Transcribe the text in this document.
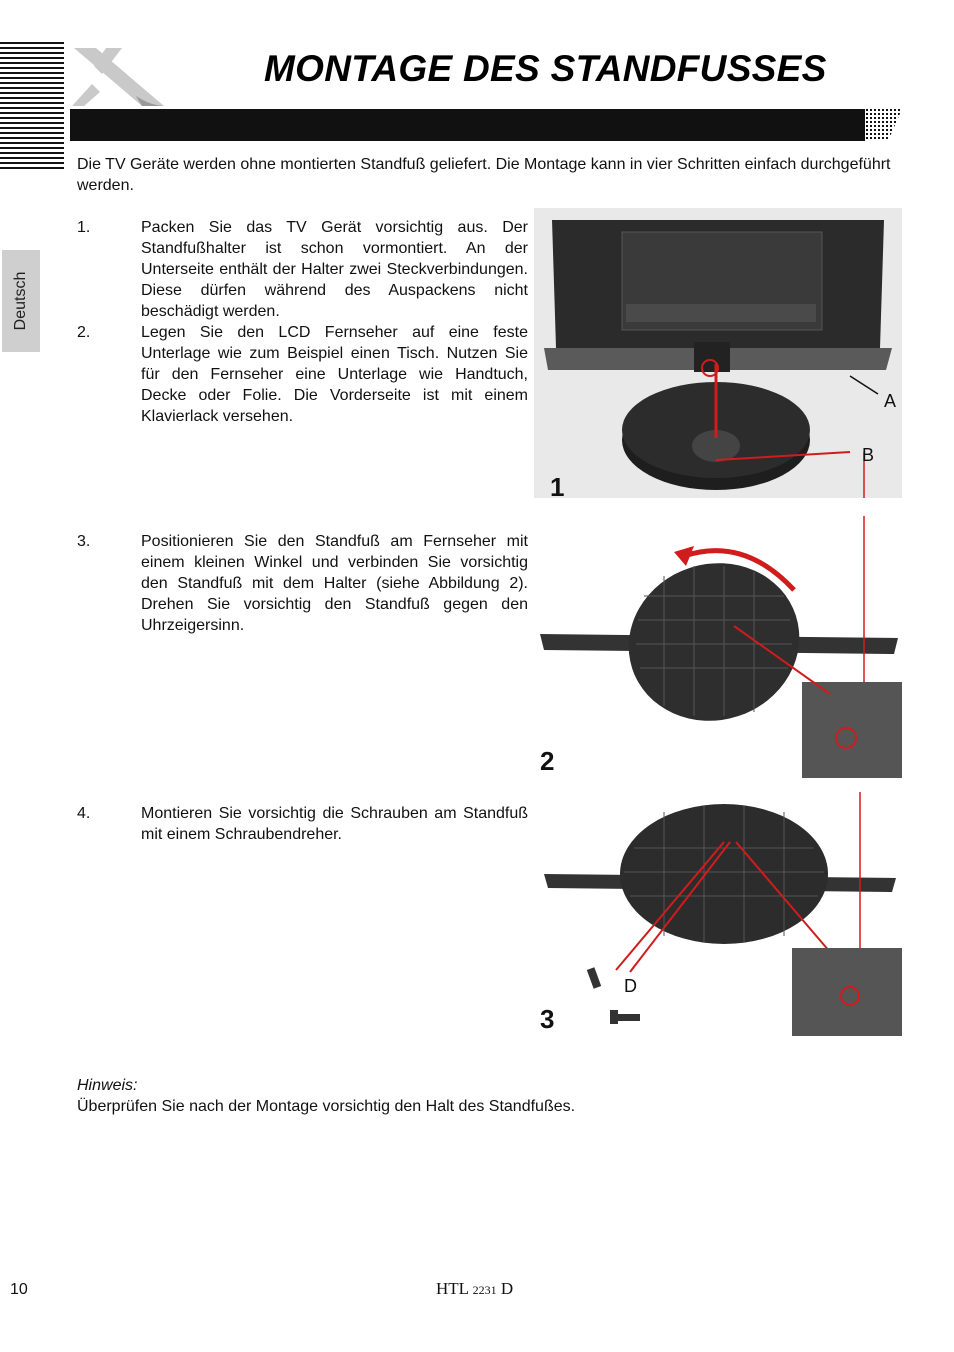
MONTAGE DES STANDFUSSES
Deutsch
Die TV Geräte werden ohne montierten Standfuß geliefert. Die Montage kann in vier Schritten einfach durchgeführt werden.
1.	Packen Sie das TV Gerät vorsichtig aus. Der Standfußhalter ist schon vormontiert. An der Unterseite enthält der Halter zwei Steckverbindungen. Diese dürfen während des Auspackens nicht beschädigt werden.
2.	Legen Sie den LCD Fernseher auf eine feste Unterlage wie zum Beispiel einen Tisch. Nutzen Sie für den Fernseher eine Unterlage wie Handtuch, Decke oder Folie. Die Vorderseite ist mit einem Klavierlack versehen.
3.	Positionieren Sie den Standfuß am Fernseher mit einem kleinen Winkel und verbinden Sie vorsichtig den Standfuß mit dem Halter (siehe Abbildung 2). Drehen Sie vorsichtig den Standfuß gegen den Uhrzeigersinn.
4.	Montieren Sie vorsichtig die Schrauben am Standfuß mit einem Schraubendreher.
1
A
B
2
D
3
Hinweis:
Überprüfen Sie nach der Montage vorsichtig den Halt des Standfußes.
10	HTL 2231 D
